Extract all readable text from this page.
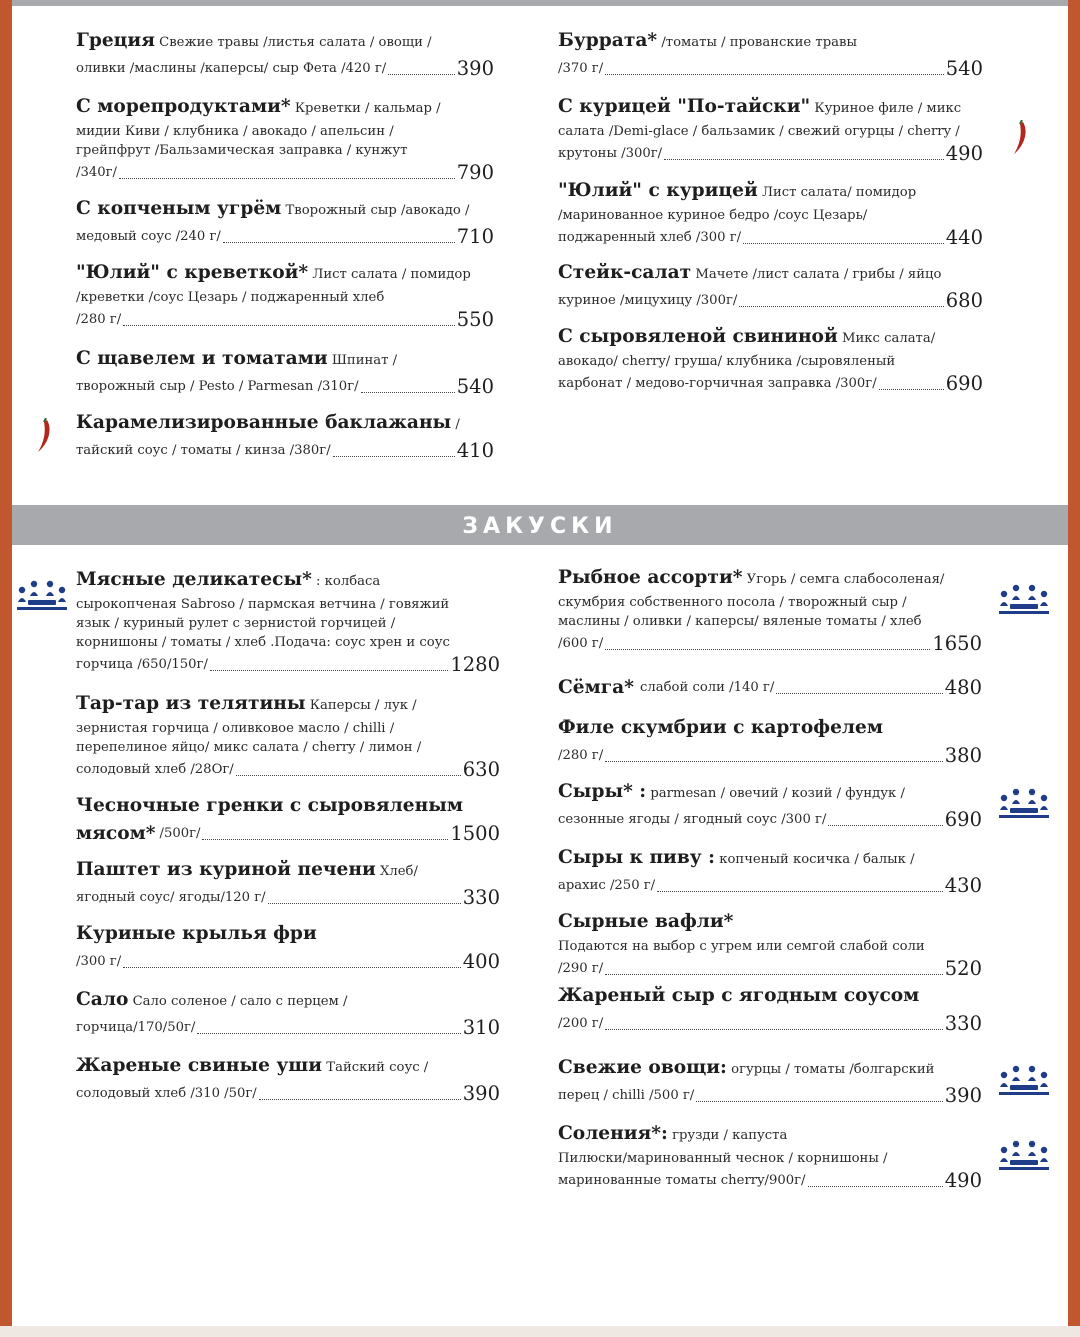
Греция Свежие травы /листья салата / овощи /
оливки /маслины /каперсы/ сыр Фета /420 г/	390
С морепродуктами* Креветки / кальмар /
мидии Киви / клубника / авокадо / апельсин /
грейпфрут /Бальзамическая заправка / кунжут
/340г/	790
С копченым угрём Творожный сыр /авокадо /
медовый соус /240 г/	710
"Юлий" с креветкой* Лист салата / помидор
/креветки /соус Цезарь / поджаренный хлеб
/280 г/	550
С щавелем и томатами Шпинат /
творожный сыр / Pesto / Parmesan /310г/	540
Карамелизированные баклажаны /
тайский соус / томаты / кинза /380г/	410
Буррата* /томаты / прованские травы
/370 г/	540
С курицей "По-тайски" Куриное филе / микс
салата /Demi-glace / бальзамик / свежий огурцы / cherry /
крутоны /300г/	490
"Юлий" с курицей Лист салата/ помидор
/маринованное куриное бедро /соус Цезарь/
поджаренный хлеб /300 г/	440
Стейк-салат Мачете /лист салата / грибы / яйцо
куриное /мицухицу /300г/	680
С сыровяленой свининой Микс салата/
авокадо/ cherry/ груша/ клубника /сыровяленый
карбонат / медово-горчичная заправка /300г/	690
ЗАКУСКИ
Мясные деликатесы* : колбаса
сырокопченая Sabroso / пармская ветчина / говяжий
язык / куриный рулет с зернистой горчицей /
корнишоны / томаты / хлеб .Подача: соус хрен и соус
горчица /650/150г/	1280
Тар-тар из телятины Каперсы / лук /
зернистая горчица / оливковое масло / chilli /
перепелиное яйцо/ микс салата / cherry / лимон /
солодовый хлеб /28Oг/	630
Чесночные гренки с сыровяленым
мясом* /500г/	1500
Паштет из куриной печени Хлеб/
ягодный соус/ ягоды/120 г/	330
Куриные крылья фри
/300 г/	400
Сало Сало соленое / сало с перцем /
горчица/170/50г/	310
Жареные свиные уши Тайский соус /
солодовый хлеб /310 /50г/	390
Рыбное ассорти* Угорь / семга слабосоленая/
скумбрия собственного посола / творожный сыр /
маслины / оливки / каперсы/ вяленые томаты / хлеб
/600 г/	1650
Сёмга* слабой соли /140 г/	480
Филе скумбрии с картофелем
/280 г/	380
Сыры* : parmesan / овечий / козий / фундук /
сезонные ягоды / ягодный соус /300 г/	690
Сыры к пиву : копченый косичка / балык /
арахис /250 г/	430
Сырные вафли*
Подаются на выбор с угрем или семгой слабой соли
/290 г/	520
Жареный сыр с ягодным соусом
/200 г/	330
Свежие овощи: огурцы / томаты /болгарский
перец / chilli /500 г/	390
Соления*: грузди / капуста
Пилюски/маринованный чеснок / корнишоны /
маринованные томаты cherry/900г/	490
